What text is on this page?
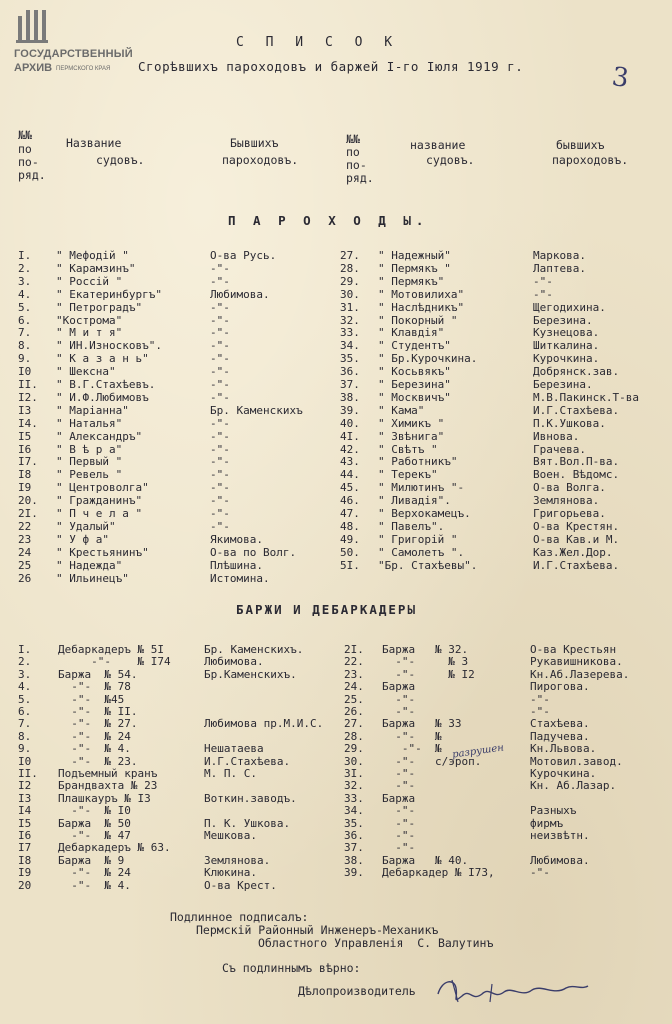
ГОСУДАРСТВЕННЫЙ
АРХИВ ПЕРМСКОГО КРАЯ
С П И С О К
Сгорѣвшихъ пароходовъ и баржей I-го Іюля 1919 г.	3
№№
по
по-
ряд.
Название
судовъ.
Бывшихъ
пароходовъ.
№№
по
по-
ряд.
название
судовъ.
бывшихъ
пароходовъ.
П А Р О Х О Д Ы.
I. " Мефодій "	О-ва Русь.	27. " Надежный"	Маркова.
2. " Карамзинъ"	-"-	28. " Пермякъ "	Лаптева.
3. " Россій "	-"-	29. " Пермякъ"	-"-
4. " Екатеринбургъ"	Любимова.	30. " Мотовилиха"	-"-
5. " Петроградъ"	-"-	31. " Наслѣдникъ"	Щегодихина.
6. "Кострома"	-"-	32. " Покорный "	Березина.
7. " М и т я"	-"-	33. " Клавдія"	Кузнецова.
8. " ИН.Износковъ".	-"-	34. " Студентъ"	Шиткалина.
9. " К а з а н ь"	-"-	35. " Бр.Курочкина.	Курочкина.
I0 " Шексна"	-"-	36. " Косьвякъ"	Добрянск.зав.
II. " В.Г.Стахѣевъ.	-"-	37. " Березина"	Березина.
I2. " И.Ф.Любимовъ	-"-	38. " Москвичъ"	М.В.Пакинск.Т-ва
I3 " Маріанна"	Бр. Каменскихъ	39. " Кама"	И.Г.Стахѣева.
I4. " Наталья"	-"-	40. " Химикъ "	П.К.Ушкова.
I5 " Александръ"	-"-	4I. " Звѣнига"	Ивнова.
I6 " В ѣ р а"	-"-	42. " Свѣтъ "	Грачева.
I7. " Первый "	-"-	43. " Работникъ"	Вят.Вол.П-ва.
I8 " Ревель "	-"-	44. " Терекъ"	Воен. Вѣдомс.
I9 " Центроволга"	-"-	45. " Милютинъ "-	О-ва Волга.
20. " Гражданинъ"	-"-	46. " Ливадія".	Землянова.
2I. " П ч е л а "	-"-	47. " Верхокамецъ.	Григорьева.
22 " Удалый"	-"-	48. " Павелъ".	О-ва Крестян.
23 " У ф а"	Якимова.	49. " Григорій "	О-ва Кав.и М.
24 " Крестьянинъ"	О-ва по Волг.	50. " Самолетъ ".	Каз.Жел.Дор.
25 " Надежда"	Плѣшина.	5I. "Бр. Стахѣевы".	И.Г.Стахѣева.
26 " Ильинецъ"	Истомина.
БАРЖИ И ДЕБАРКАДЕРЫ
I. Дебаркадеръ № 5I	Бр. Каменскихъ.	2I. Баржа   № 32.	О-ва Крестьян
2. -"-    № I74	Любимова.	22. -"-     № 3	Рукавишникова.
3. Баржа  № 54.	Бр.Каменскихъ.	23. -"-     № I2	Кн.Аб.Лазерева.
4. -"-  № 78	24. Баржа	Пирогова.
5. -"-  №45	25. -"-	-"-
6. -"-  № II.	26. -"-	-"-
7. -"-  № 27.	Любимова пр.М.И.С. 27. Баржа   № 33	Стахѣева.
8. -"-  № 24	28. -"-   №	Падучева.
9. -"-  № 4.	Нешатаева	29. -"-  №	Кн.Львова.
I0 -"-  № 23.	И.Г.Стахѣева.	30. -"-   с/эроп.	Мотовил.завод.
II. Подъемный кранъ	М. П. С.	3I. -"-	Курочкина.
I2 Брандвахта № 23	32. -"-	Кн. Аб.Лазар.
I3 Плашкауръ № I3	Воткин.заводъ.	33. Баржа
I4 -"-  № I0	34. -"-	Разныхъ
I5 Баржа  № 50	П. К. Ушкова.	35. -"-	фирмъ
I6 -"-  № 47	Мешкова.	36. -"-	неизвѣтн.
I7 Дебаркадеръ № 63.	37. -"-
I8 Баржа  № 9	Землянова.	38. Баржа   № 40.	Любимова.
I9 -"-  № 24	Клюкина.	39. Дебаркадер № I73,	-"-
20 -"-  № 4.	О-ва Крест.
разрушен
Подлинное подписалъ:
Пермскій Районный Инженеръ-Механикъ
Областного Управленія  С. Валутинъ
Съ подлиннымъ вѣрно:
Дѣлопроизводитель
